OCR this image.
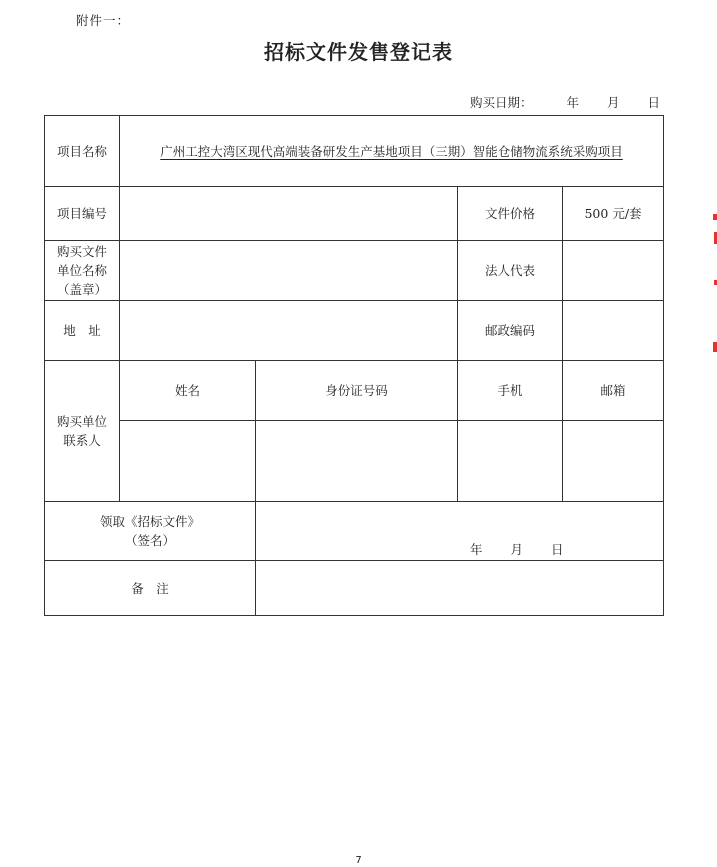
附件一：
招标文件发售登记表
购买日期：	年 月 日
项目名称	广州工控大湾区现代高端装备研发生产基地项目（三期）智能仓储物流系统采购项目			
项目编号			文件价格	500 元/套

购买文件
单位名称
（盖章）			法人代表	
地　址			邮政编码	

购买单位
联系人	姓名	身份证号码	手机	邮箱

领取《招标文件》
（签名）		年 月 日		

备　注				
7
